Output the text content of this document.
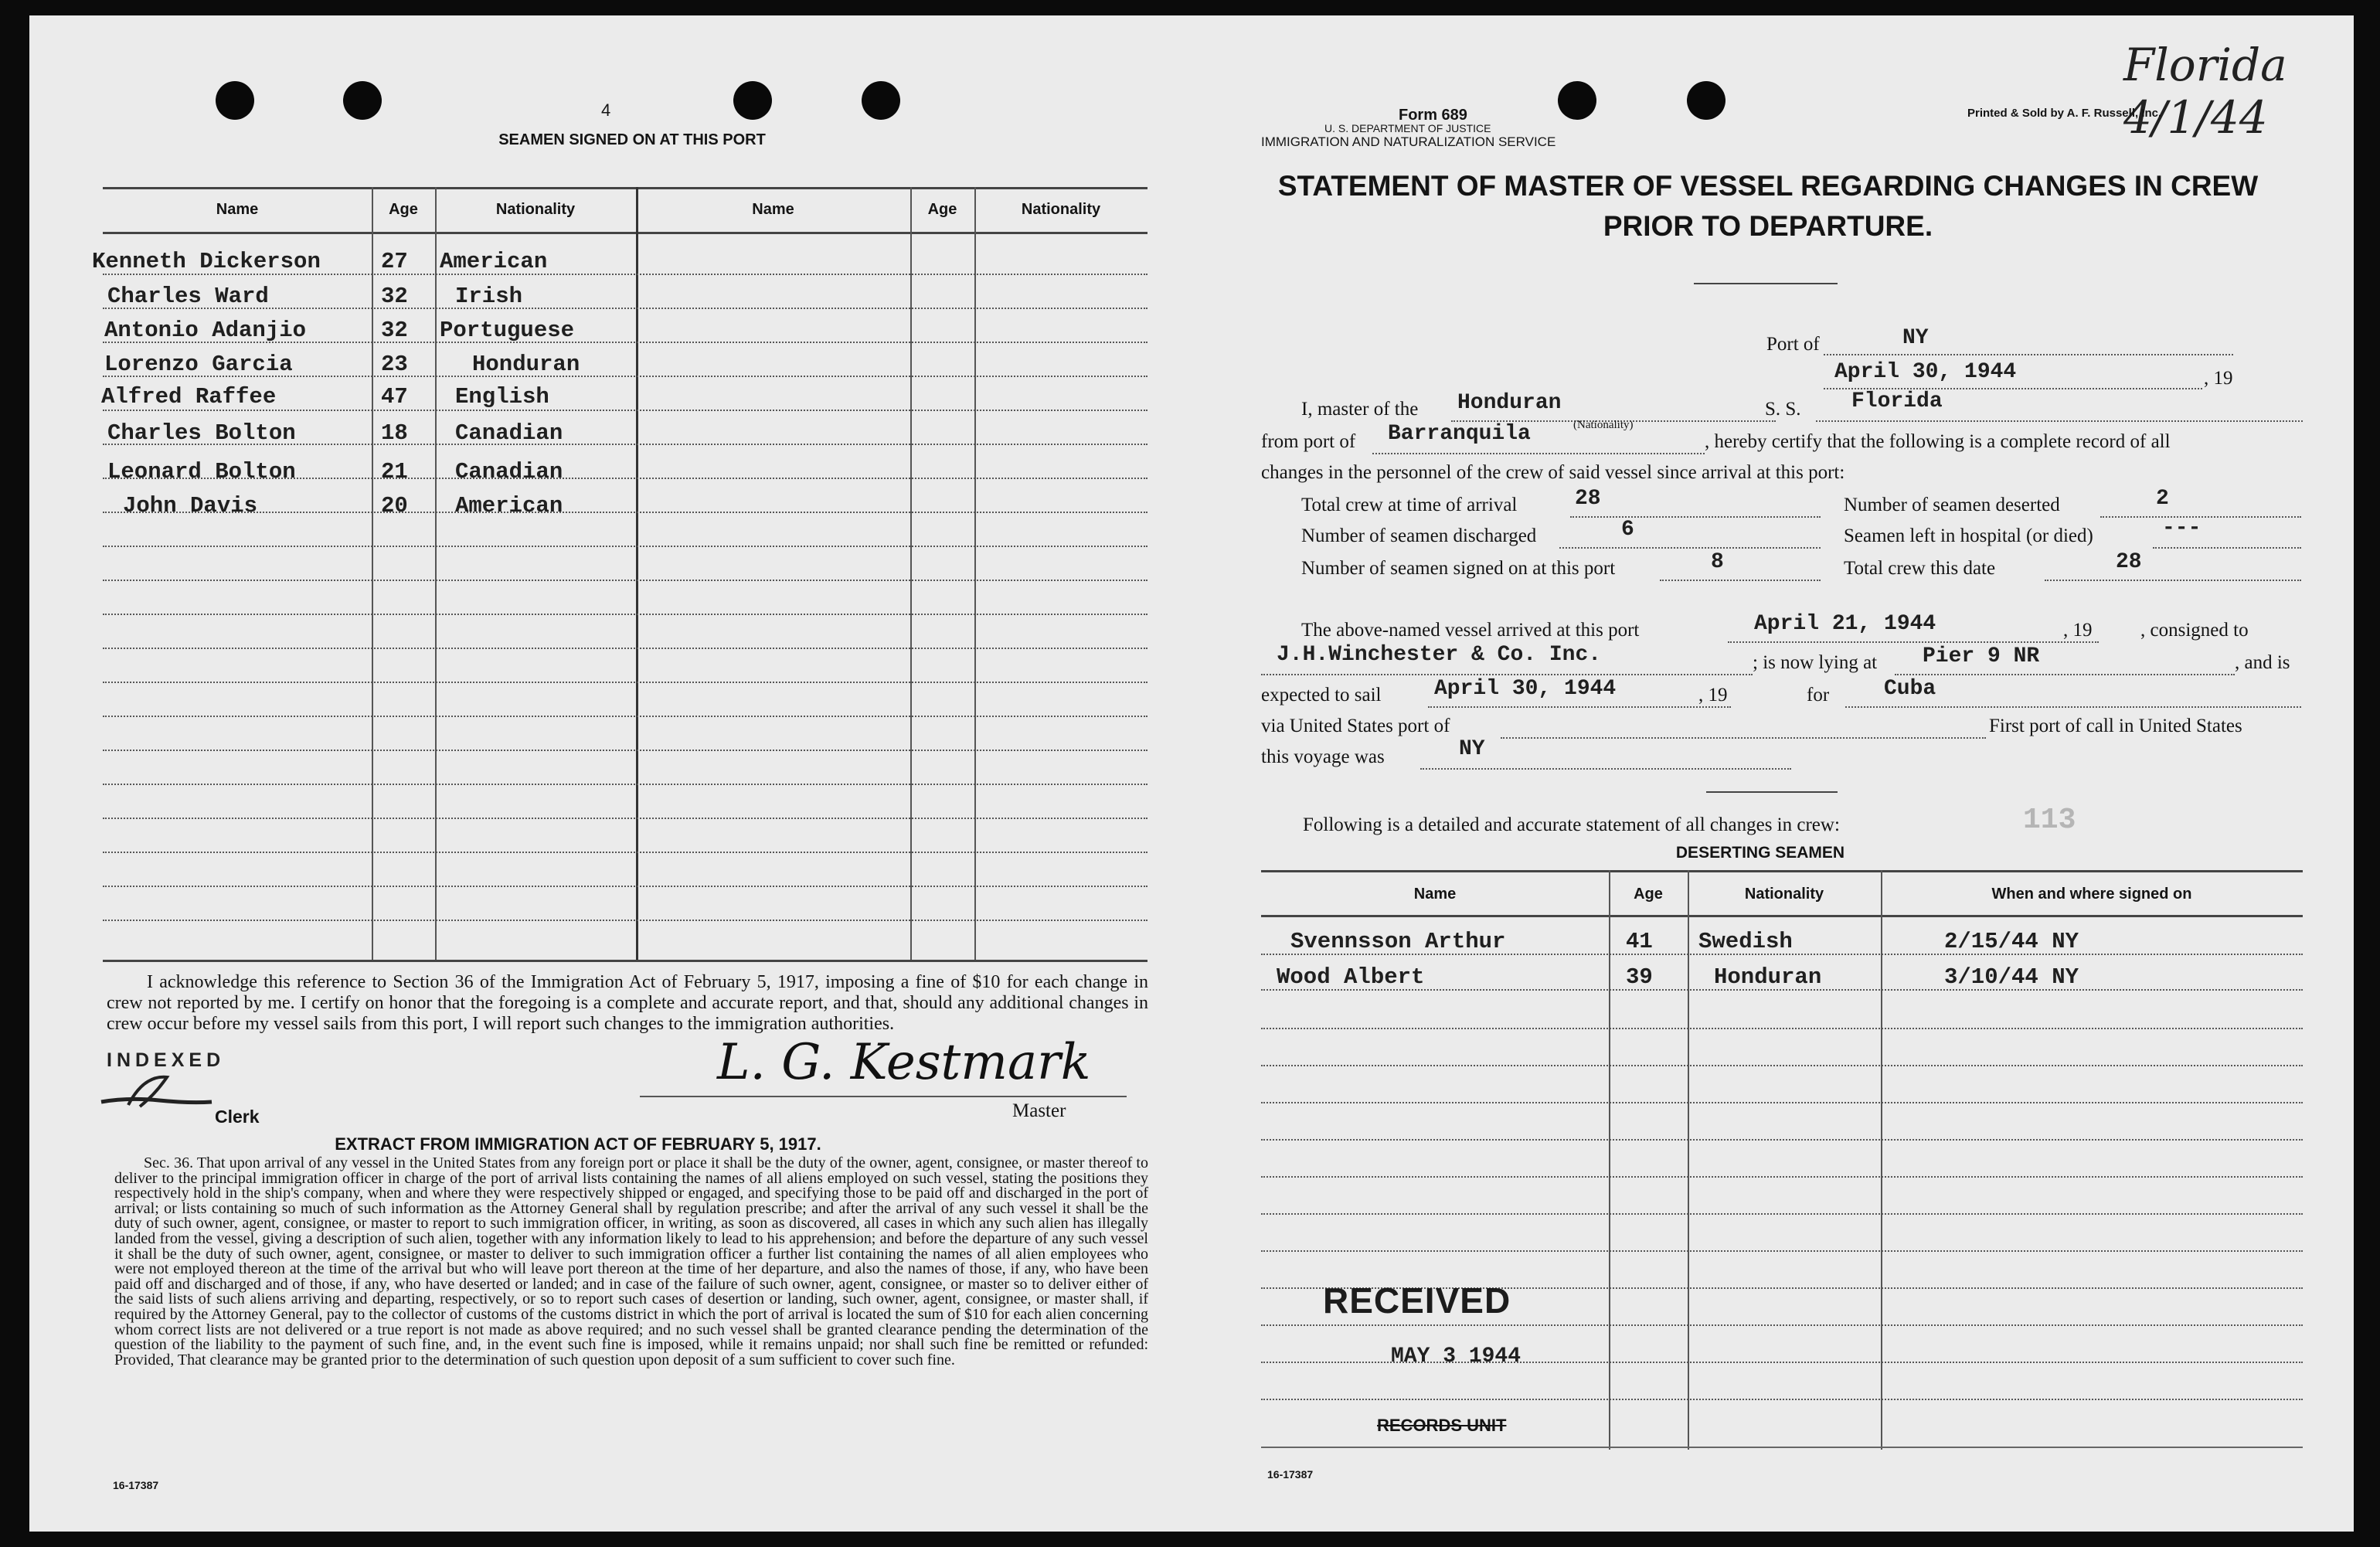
4
SEAMEN SIGNED ON AT THIS PORT
Name	Age	Nationality	Name	Age	Nationality
Kenneth Dickerson	27 American
Charles Ward	32 Irish
Antonio Adanjio	32 Portuguese
Lorenzo Garcia	23	Honduran
Alfred Raffee	47 English
Charles Bolton	18 Canadian
Leonard Bolton	21 Canadian
John Davis	20 American
I acknowledge this reference to Section 36 of the Immigration Act of February 5, 1917, imposing a fine of $10 for each change in crew not reported by me. I certify on honor that the foregoing is a complete and accurate report, and that, should any additional changes in crew occur before my vessel sails from this port, I will report such changes to the immigration authorities.
INDEXED
Clerk
L. G. Kestmark
Master
EXTRACT FROM IMMIGRATION ACT OF FEBRUARY 5, 1917.
Sec. 36. That upon arrival of any vessel in the United States from any foreign port or place it shall be the duty of the owner, agent, consignee, or master thereof to deliver to the principal immigration officer in charge of the port of arrival lists containing the names of all aliens employed on such vessel, stating the positions they respectively hold in the ship's company, when and where they were respectively shipped or engaged, and specifying those to be paid off and discharged in the port of arrival; or lists containing so much of such information as the Attorney General shall by regulation prescribe; and after the arrival of any such vessel it shall be the duty of such owner, agent, consignee, or master to report to such immigration officer, in writing, as soon as discovered, all cases in which any such alien has illegally landed from the vessel, giving a description of such alien, together with any information likely to lead to his apprehension; and before the departure of any such vessel it shall be the duty of such owner, agent, consignee, or master to deliver to such immigration officer a further list containing the names of all alien employees who were not employed thereon at the time of the arrival but who will leave port thereon at the time of her departure, and also the names of those, if any, who have been paid off and discharged and of those, if any, who have deserted or landed; and in case of the failure of such owner, agent, consignee, or master so to deliver either of the said lists of such aliens arriving and departing, respectively, or so to report such cases of desertion or landing, such owner, agent, consignee, or master shall, if required by the Attorney General, pay to the collector of customs of the customs district in which the port of arrival is located the sum of $10 for each alien concerning whom correct lists are not delivered or a true report is not made as above required; and no such vessel shall be granted clearance pending the determination of the question of the liability to the payment of such fine, and, in the event such fine is imposed, while it remains unpaid; nor shall such fine be remitted or refunded: Provided, That clearance may be granted prior to the determination of such question upon deposit of a sum sufficient to cover such fine.
16-17387
Florida 4/1/44
Form 689
U. S. DEPARTMENT OF JUSTICE
IMMIGRATION AND NATURALIZATION SERVICE
Printed & Sold by A. F. Russell, Inc.
STATEMENT OF MASTER OF VESSEL REGARDING CHANGES IN CREW
PRIOR TO DEPARTURE.
Port of	NY
April 30, 1944	, 19
I, master of the Honduran	S. S. Florida
(Nationality)
from port of Barranquila	, hereby certify that the following is a complete record of all
changes in the personnel of the crew of said vessel since arrival at this port:
Total crew at time of arrival	28	Number of seamen deserted	2
Number of seamen discharged	6	Seamen left in hospital (or died)	---
Number of seamen signed on at this port	8	Total crew this date	28
The above-named vessel arrived at this port	April 21, 1944	, 19	, consigned to
J.H.Winchester & Co. Inc.	; is now lying at Pier 9 NR	, and is
expected to sail April 30, 1944	, 19	for	Cuba
via United States port of	First port of call in United States
this voyage was	NY
113
Following is a detailed and accurate statement of all changes in crew:
DESERTING SEAMEN
Name	Age	Nationality	When and where signed on
Svennsson Arthur	41 Swedish	2/15/44 NY
Wood Albert	39	Honduran	3/10/44 NY
RECEIVED
MAY 3 1944
RECORDS UNIT
16-17387
